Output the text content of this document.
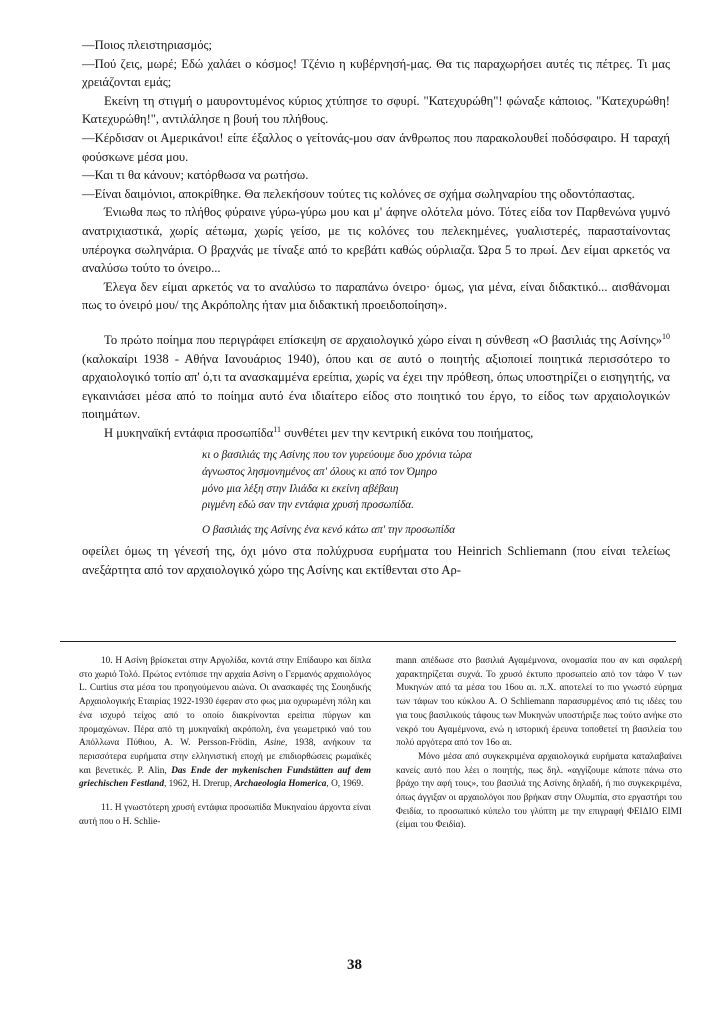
—Ποιος πλειστηριασμός;

—Πού ζεις, μωρέ; Εδώ χαλάει ο κόσμος! Τζένιο η κυβέρνησή-μας. Θα τις παραχωρήσει αυτές τις πέτρες. Τι μας χρειάζονται εμάς;

Εκείνη τη στιγμή ο μαυροντυμένος κύριος χτύπησε το σφυρί. "Κατεχυρώθη"! φώναξε κάποιος. "Κατεχυρώθη! Κατεχυρώθη!", αντιλάλησε η βουή του πλήθους.

—Κέρδισαν οι Αμερικάνοι! είπε έξαλλος ο γείτονάς-μου σαν άνθρωπος που παρακολουθεί ποδόσφαιρο. Η ταραχή φούσκωνε μέσα μου.

—Και τι θα κάνουν; κατόρθωσα να ρωτήσω.

—Είναι δαιμόνιοι, αποκρίθηκε. Θα πελεκήσουν τούτες τις κολόνες σε σχήμα σωληναρίου της οδοντόπαστας.

Ένιωθα πως το πλήθος φύραινε γύρω-γύρω μου και μ' άφηνε ολότελα μόνο. Τότες είδα τον Παρθενώνα γυμνό ανατριχιαστικά, χωρίς αέτωμα, χωρίς γείσο, με τις κολόνες του πελεκημένες, γυαλιστερές, παρασταίνοντας υπέρογκα σωληνάρια. Ο βραχνάς με τίναξε από το κρεβάτι καθώς ούρλιαζα. Ώρα 5 το πρωί. Δεν είμαι αρκετός να αναλύσω τούτο το όνειρο...

Έλεγα δεν είμαι αρκετός να το αναλύσω το παραπάνω όνειρο· όμως, για μένα, είναι διδακτικό... αισθάνομαι πως το όνειρό μου/ της Ακρόπολης ήταν μια διδακτική προειδοποίηση».

Το πρώτο ποίημα που περιγράφει επίσκεψη σε αρχαιολογικό χώρο είναι η σύνθεση «Ο βασιλιάς της Ασίνης»$^{10}$ (καλοκαίρι 1938 - Αθήνα Ιανουάριος 1940), όπου και σε αυτό ο ποιητής αξιοποιεί ποιητικά περισσότερο το αρχαιολογικό τοπίο απ' ό,τι τα ανασκαμμένα ερείπια, χωρίς να έχει την πρόθεση, όπως υποστηρίζει ο εισηγητής, να εγκαινιάσει μέσα από το ποίημα αυτό ένα ιδιαίτερο είδος στο ποιητικό του έργο, το είδος των αρχαιολογικών ποιημάτων.

Η μυκηναϊκή εντάφια προσωπίδα$^{11}$ συνθέτει μεν την κεντρική εικόνα του ποιήματος,

κι ο βασιλιάς της Ασίνης που τον γυρεύουμε δυο χρόνια τώρα
άγνωστος λησμονημένος απ' όλους κι από τον Όμηρο
μόνο μια λέξη στην Ιλιάδα κι εκείνη αβέβαιη
ριγμένη εδώ σαν την εντάφια χρυσή προσωπίδα.
Ο βασιλιάς της Ασίνης ένα κενό κάτω απ' την προσωπίδα

οφείλει όμως τη γένεσή της, όχι μόνο στα πολύχρυσα ευρήματα του Heinrich Schliemann (που είναι τελείως ανεξάρτητα από τον αρχαιολογικό χώρο της Ασίνης και εκτίθενται στο Αρ-

10. Η Ασίνη βρίσκεται στην Αργολίδα, κοντά στην Επίδαυρο και δίπλα στο χωριό Τολό. Πρώτος εντόπισε την αρχαία Ασίνη ο Γερμανός αρχαιολόγος L. Curtius στα μέσα του προηγούμενου αιώνα. Οι ανασκαφές της Σουηδικής Αρχαιολογικής Εταιρίας 1922-1930 έφεραν στο φως μια οχυρωμένη πόλη και ένα ισχυρό τείχος από το οποίο διακρίνονται ερείπια πύργων και προμαχώνων. Πέρα από τη μυκηναϊκή ακρόπολη, ένα γεωμετρικό ναό του Απόλλωνα Πύθιου, A. W. Persson-Frödin, Asine, 1938, ανήκουν τα περισσότερα ευρήματα στην ελληνιστική εποχή με επιδιορθώσεις ρωμαϊκές και βενετικές. P. Alin, Das Ende der mykenischen Fundstätten auf dem griechischen Festland, 1962, H. Drerup, Archaeologia Homerica, O, 1969.

11. Η γνωστότερη χρυσή εντάφια προσωπίδα Μυκηναίου άρχοντα είναι αυτή που ο H. Schlie-

mann απέδωσε στο βασιλιά Αγαμέμνονα, ονομασία που αν και σφαλερή χαρακτηρίζεται συχνά. Το χρυσό έκτυπο προσωπείο από τον τάφο V των Μυκηνών από τα μέσα του 16ου αι. π.Χ. αποτελεί το πιο γνωστό εύρημα των τάφων του κύκλου Α. Ο Schliemann παρασυρμένος από τις ιδέες του για τους βασιλικούς τάφους των Μυκηνών υποστήριξε πως τούτο ανήκε στο νεκρό του Αγαμέμνονα, ενώ η ιστορική έρευνα τοποθετεί τη βασιλεία του πολύ αργότερα από τον 16ο αι.

Μόνο μέσα από συγκεκριμένα αρχαιολογικά ευρήματα καταλαβαίνει κανείς αυτό που λέει ο ποιητής, πως δηλ. «αγγίζουμε κάποτε πάνω στο βράχο την αφή τους», του βασιλιά της Ασίνης δηλαδή, ή πιο συγκεκριμένα, όπως άγγιξαν οι αρχαιολόγοι που βρήκαν στην Ολυμπία, στο εργαστήρι του Φειδία, το προσωπικό κύπελο του γλύπτη με την επιγραφή ΦΕΙΔΙΟ ΕΙΜΙ (είμαι του Φειδία).

38
